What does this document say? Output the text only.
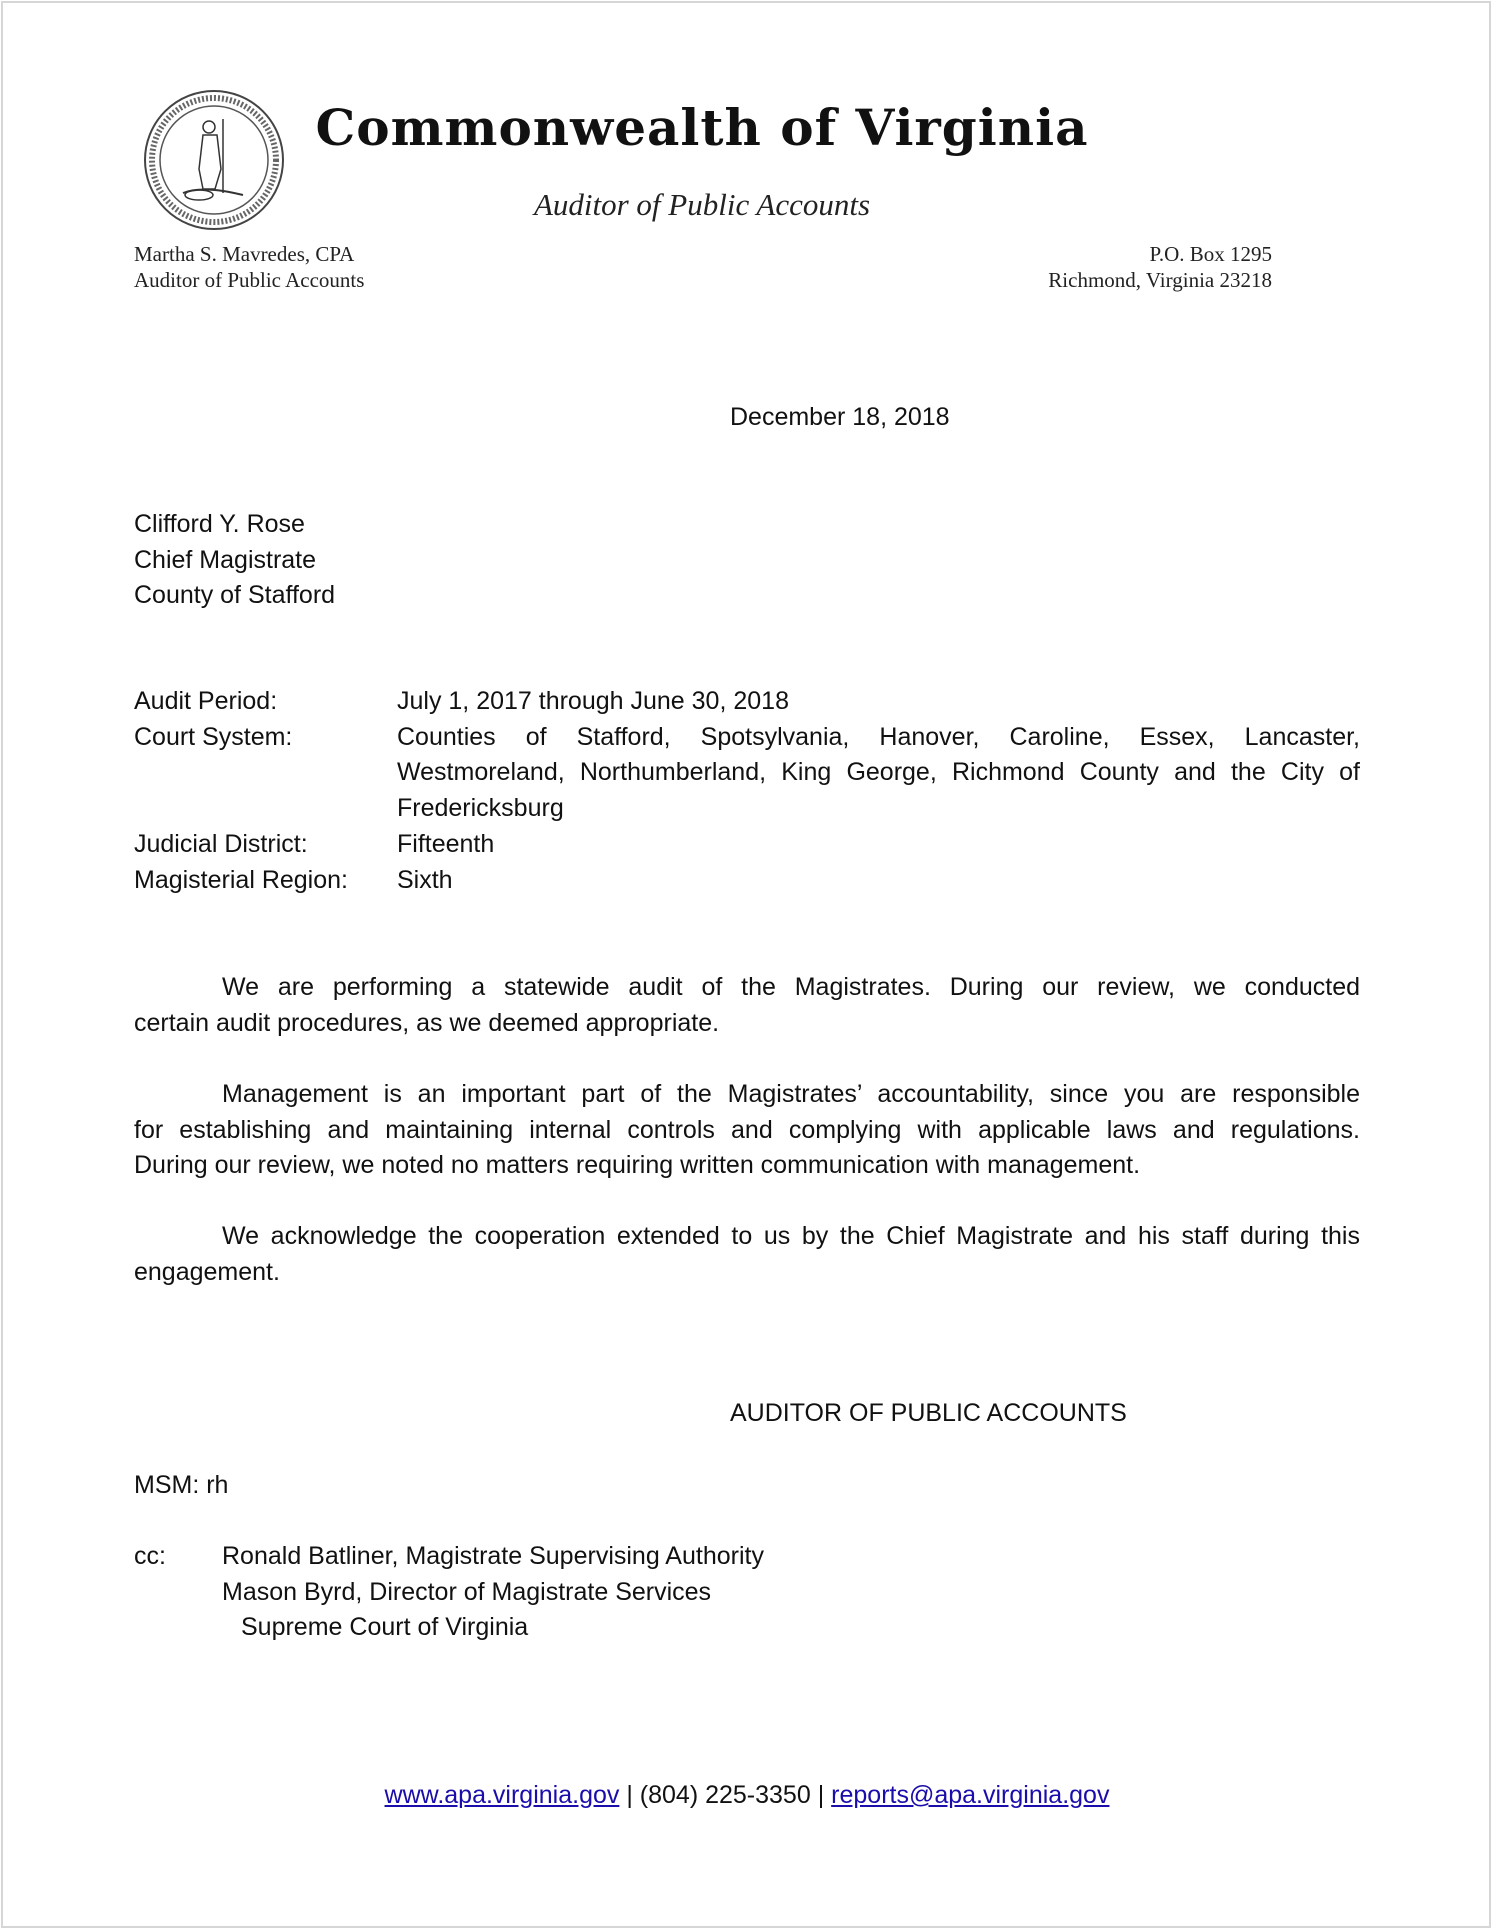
Commonwealth of Virginia
Auditor of Public Accounts
Martha S. Mavredes, CPA
Auditor of Public Accounts
P.O. Box 1295
Richmond, Virginia 23218
December 18, 2018
Clifford Y. Rose
Chief Magistrate
County of Stafford
Audit Period:	July 1, 2017 through June 30, 2018
Court System:	Counties of Stafford, Spotsylvania, Hanover, Caroline, Essex, Lancaster,
Westmoreland, Northumberland, King George, Richmond County and the City of
Fredericksburg
Judicial District:	Fifteenth
Magisterial Region:	Sixth
We are performing a statewide audit of the Magistrates. During our review, we conducted
certain audit procedures, as we deemed appropriate.
Management is an important part of the Magistrates’ accountability, since you are responsible
for establishing and maintaining internal controls and complying with applicable laws and regulations.
During our review, we noted no matters requiring written communication with management.
We acknowledge the cooperation extended to us by the Chief Magistrate and his staff during this
engagement.
AUDITOR OF PUBLIC ACCOUNTS
MSM: rh
cc: Ronald Batliner, Magistrate Supervising Authority
Mason Byrd, Director of Magistrate Services
Supreme Court of Virginia
www.apa.virginia.gov | (804) 225-3350 | reports@apa.virginia.gov
